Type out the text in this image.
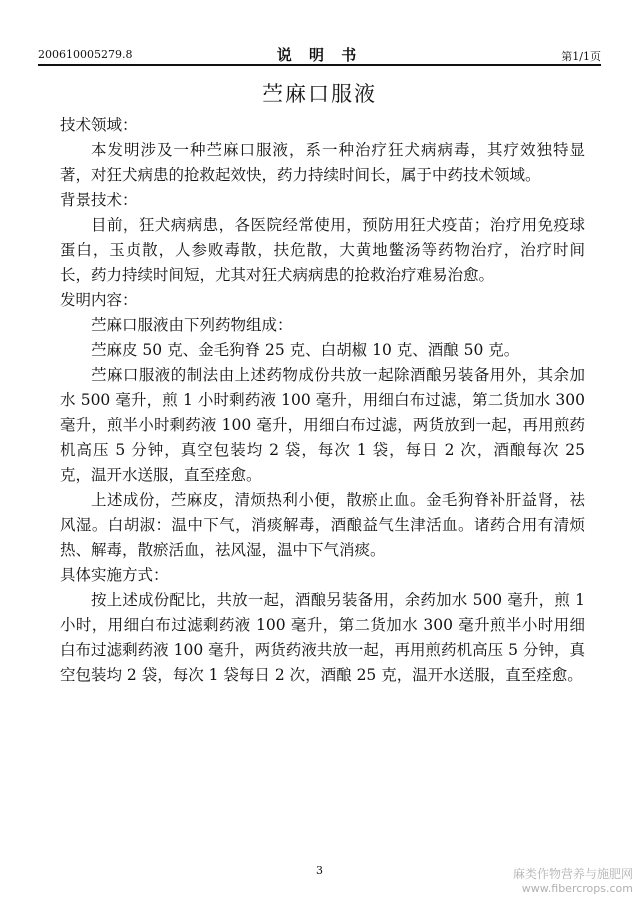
200610005279.8	说 明 书	第1/1页
苎麻口服液

技术领域：

本发明涉及一种苎麻口服液，系一种治疗狂犬病病毒，其疗效独特显著，对狂犬病患的抢救起效快，药力持续时间长，属于中药技术领域。

背景技术：

目前，狂犬病病患，各医院经常使用，预防用狂犬疫苗；治疗用免疫球蛋白，玉贞散，人参败毒散，扶危散，大黄地鳖汤等药物治疗，治疗时间长，药力持续时间短，尤其对狂犬病病患的抢救治疗难易治愈。

发明内容：

苎麻口服液由下列药物组成：

苎麻皮 50 克、金毛狗脊 25 克、白胡椒 10 克、酒酿 50 克。

苎麻口服液的制法由上述药物成份共放一起除酒酿另装备用外，其余加水 500 毫升，煎 1 小时剩药液 100 毫升，用细白布过滤，第二货加水 300 毫升，煎半小时剩药液 100 毫升，用细白布过滤，两货放到一起，再用煎药机高压 5 分钟，真空包装均 2 袋，每次 1 袋，每日 2 次，酒酿每次 25 克，温开水送服，直至痊愈。

上述成份，苎麻皮，清烦热利小便，散瘀止血。金毛狗脊补肝益肾，祛风湿。白胡淑：温中下气，消痰解毒，酒酿益气生津活血。诸药合用有清烦热、解毒，散瘀活血，祛风湿，温中下气消痰。

具体实施方式：

按上述成份配比，共放一起，酒酿另装备用，余药加水 500 毫升，煎 1 小时，用细白布过滤剩药液 100 毫升，第二货加水 300 毫升煎半小时用细白布过滤剩药液 100 毫升，两货药液共放一起，再用煎药机高压 5 分钟，真空包装均 2 袋，每次 1 袋每日 2 次，酒酿 25 克，温开水送服，直至痊愈。

3	麻类作物营养与施肥网
www.fibercrops.com
